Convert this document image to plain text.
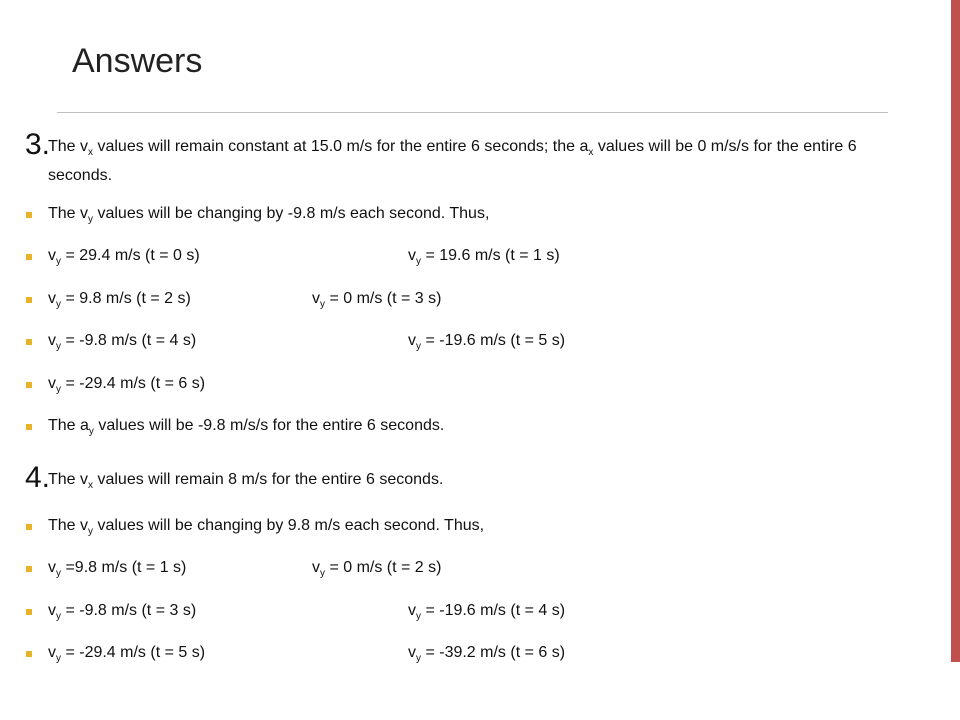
Answers
3.
The $v_x$ values will remain constant at 15.0 m/s for the entire 6 seconds; the $a_x$ values will be 0 m/s/s for the entire 6 seconds.
The $v_y$ values will be changing by -9.8 m/s each second. Thus,
$v_y = 29.4$ m/s (t = 0 s)	$v_y = 19.6$ m/s (t = 1 s)
$v_y = 9.8$ m/s (t = 2 s)	$v_y = 0$ m/s (t = 3 s)
$v_y = -9.8$ m/s (t = 4 s)	$v_y = -19.6$ m/s (t = 5 s)
$v_y = -29.4$ m/s (t = 6 s)
The $a_y$ values will be -9.8 m/s/s for the entire 6 seconds.
4.
The $v_x$ values will remain 8 m/s for the entire 6 seconds.
The $v_y$ values will be changing by 9.8 m/s each second. Thus,
$v_y =9.8$ m/s (t = 1 s)	$v_y = 0$ m/s (t = 2 s)
$v_y = -9.8$ m/s (t = 3 s)	$v_y = -19.6$ m/s (t = 4 s)
$v_y = -29.4$ m/s (t = 5 s)	$v_y = -39.2$ m/s (t = 6 s)
